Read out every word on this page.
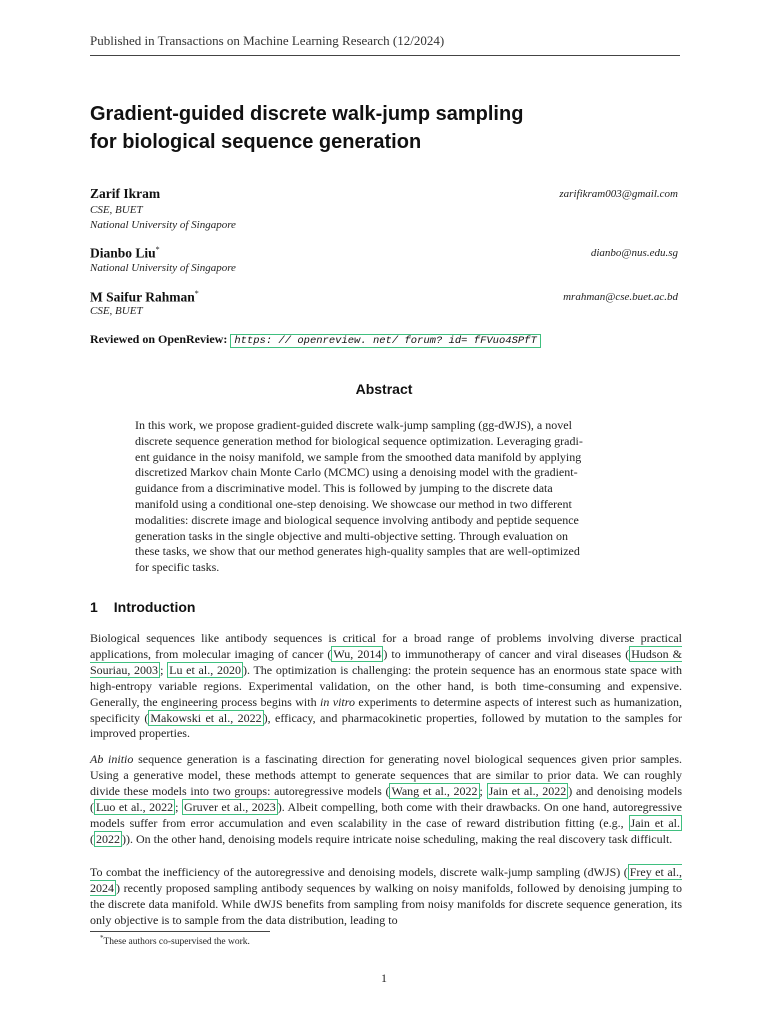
Published in Transactions on Machine Learning Research (12/2024)
Gradient-guided discrete walk-jump sampling
for biological sequence generation
Zarif Ikram	zarifikram003@gmail.com
CSE, BUET
National University of Singapore
Dianbo Liu*	dianbo@nus.edu.sg
National University of Singapore
M Saifur Rahman*	mrahman@cse.buet.ac.bd
CSE, BUET
Reviewed on OpenReview: https: // openreview. net/ forum? id= fFVuo4SPfT
Abstract
In this work, we propose gradient-guided discrete walk-jump sampling (gg-dWJS), a novel
discrete sequence generation method for biological sequence optimization. Leveraging gradi-
ent guidance in the noisy manifold, we sample from the smoothed data manifold by applying
discretized Markov chain Monte Carlo (MCMC) using a denoising model with the gradient-
guidance from a discriminative model. This is followed by jumping to the discrete data
manifold using a conditional one-step denoising. We showcase our method in two different
modalities: discrete image and biological sequence involving antibody and peptide sequence
generation tasks in the single objective and multi-objective setting. Through evaluation on
these tasks, we show that our method generates high-quality samples that are well-optimized
for specific tasks.
1 Introduction
Biological sequences like antibody sequences is critical for a broad range of problems involving diverse practical applications, from molecular imaging of cancer ( Wu, 2014 ) to immunotherapy of cancer and viral diseases ( Hudson & Souriau, 2003 ; Lu et al., 2020 ). The optimization is challenging: the protein sequence has an enormous state space with high-entropy variable regions. Experimental validation, on the other hand, is both time-consuming and expensive. Generally, the engineering process begins with in vitro experiments to determine aspects of interest such as humanization, specificity ( Makowski et al., 2022 ), efficacy, and pharmacokinetic properties, followed by mutation to the samples for improved properties.
Ab initio sequence generation is a fascinating direction for generating novel biological sequences given prior samples. Using a generative model, these methods attempt to generate sequences that are similar to prior data. We can roughly divide these models into two groups: autoregressive models ( Wang et al., 2022 ; Jain et al., 2022 ) and denoising models ( Luo et al., 2022 ; Gruver et al., 2023 ). Albeit compelling, both come with their drawbacks. On one hand, autoregressive models suffer from error accumulation and even scalability in the case of reward distribution fitting (e.g., Jain et al. ( 2022 )). On the other hand, denoising models require intricate noise scheduling, making the real discovery task difficult.
To combat the inefficiency of the autoregressive and denoising models, discrete walk-jump sampling (dWJS) ( Frey et al., 2024 ) recently proposed sampling antibody sequences by walking on noisy manifolds, followed by denoising jumping to the discrete data manifold. While dWJS benefits from sampling from noisy manifolds for discrete sequence generation, its only objective is to sample from the data distribution, leading to
*These authors co-supervised the work.
1
